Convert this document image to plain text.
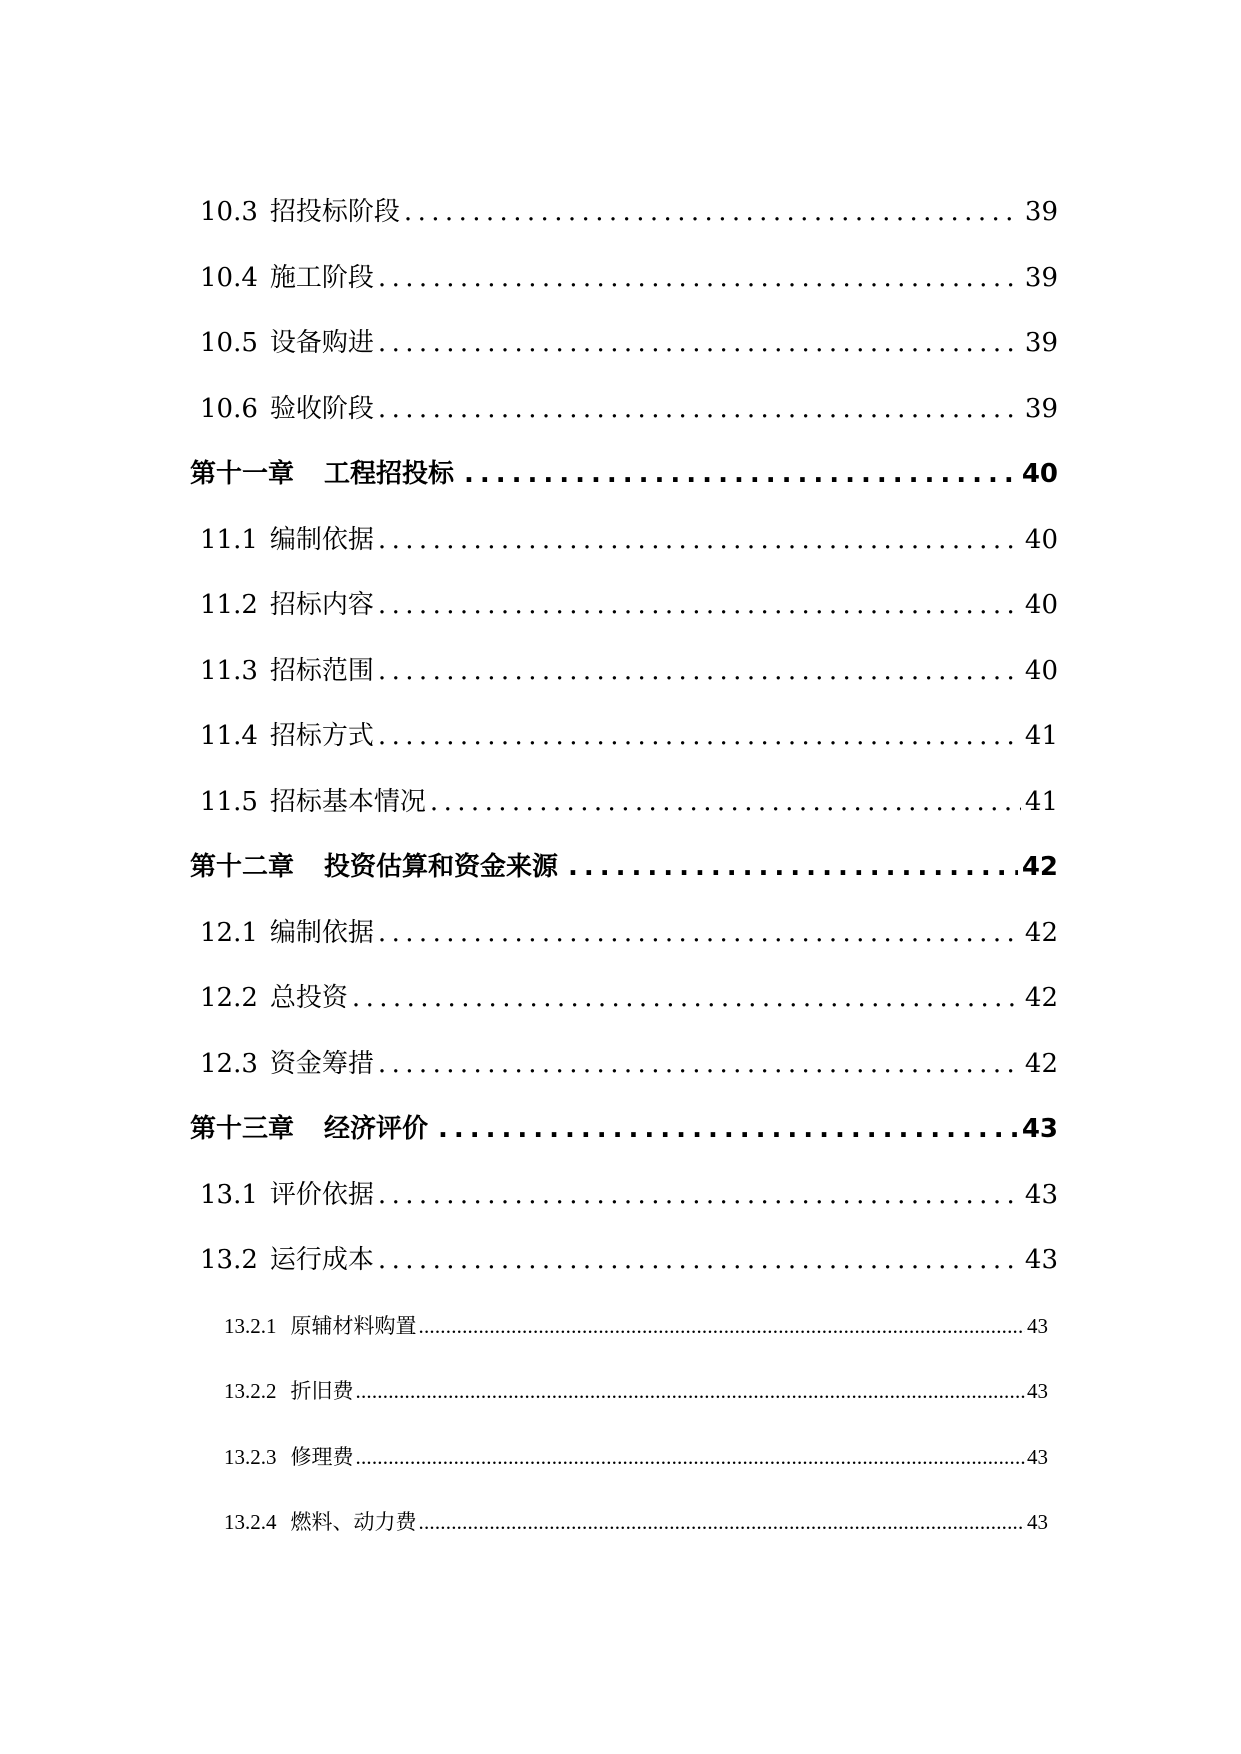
10.3 招投标阶段 .....	39
10.4 施工阶段 .....	39
10.5 设备购进 .....	39
10.6 验收阶段 .....	39
第十一章	工程招投标 .....	40
11.1 编制依据 .....	40
11.2 招标内容 .....	40
11.3 招标范围 .....	40
11.4 招标方式 .....	41
11.5 招标基本情况 .....	41
第十二章	投资估算和资金来源 .....	42
12.1 编制依据 .....	42
12.2 总投资 .....	42
12.3 资金筹措 .....	42
第十三章	经济评价 .....	43
13.1 评价依据 .....	43
13.2 运行成本 .....	43
13.2.1 原辅材料购置 .....	43
13.2.2 折旧费 .....	43
13.2.3 修理费 .....	43
13.2.4 燃料、动力费 .....	43
